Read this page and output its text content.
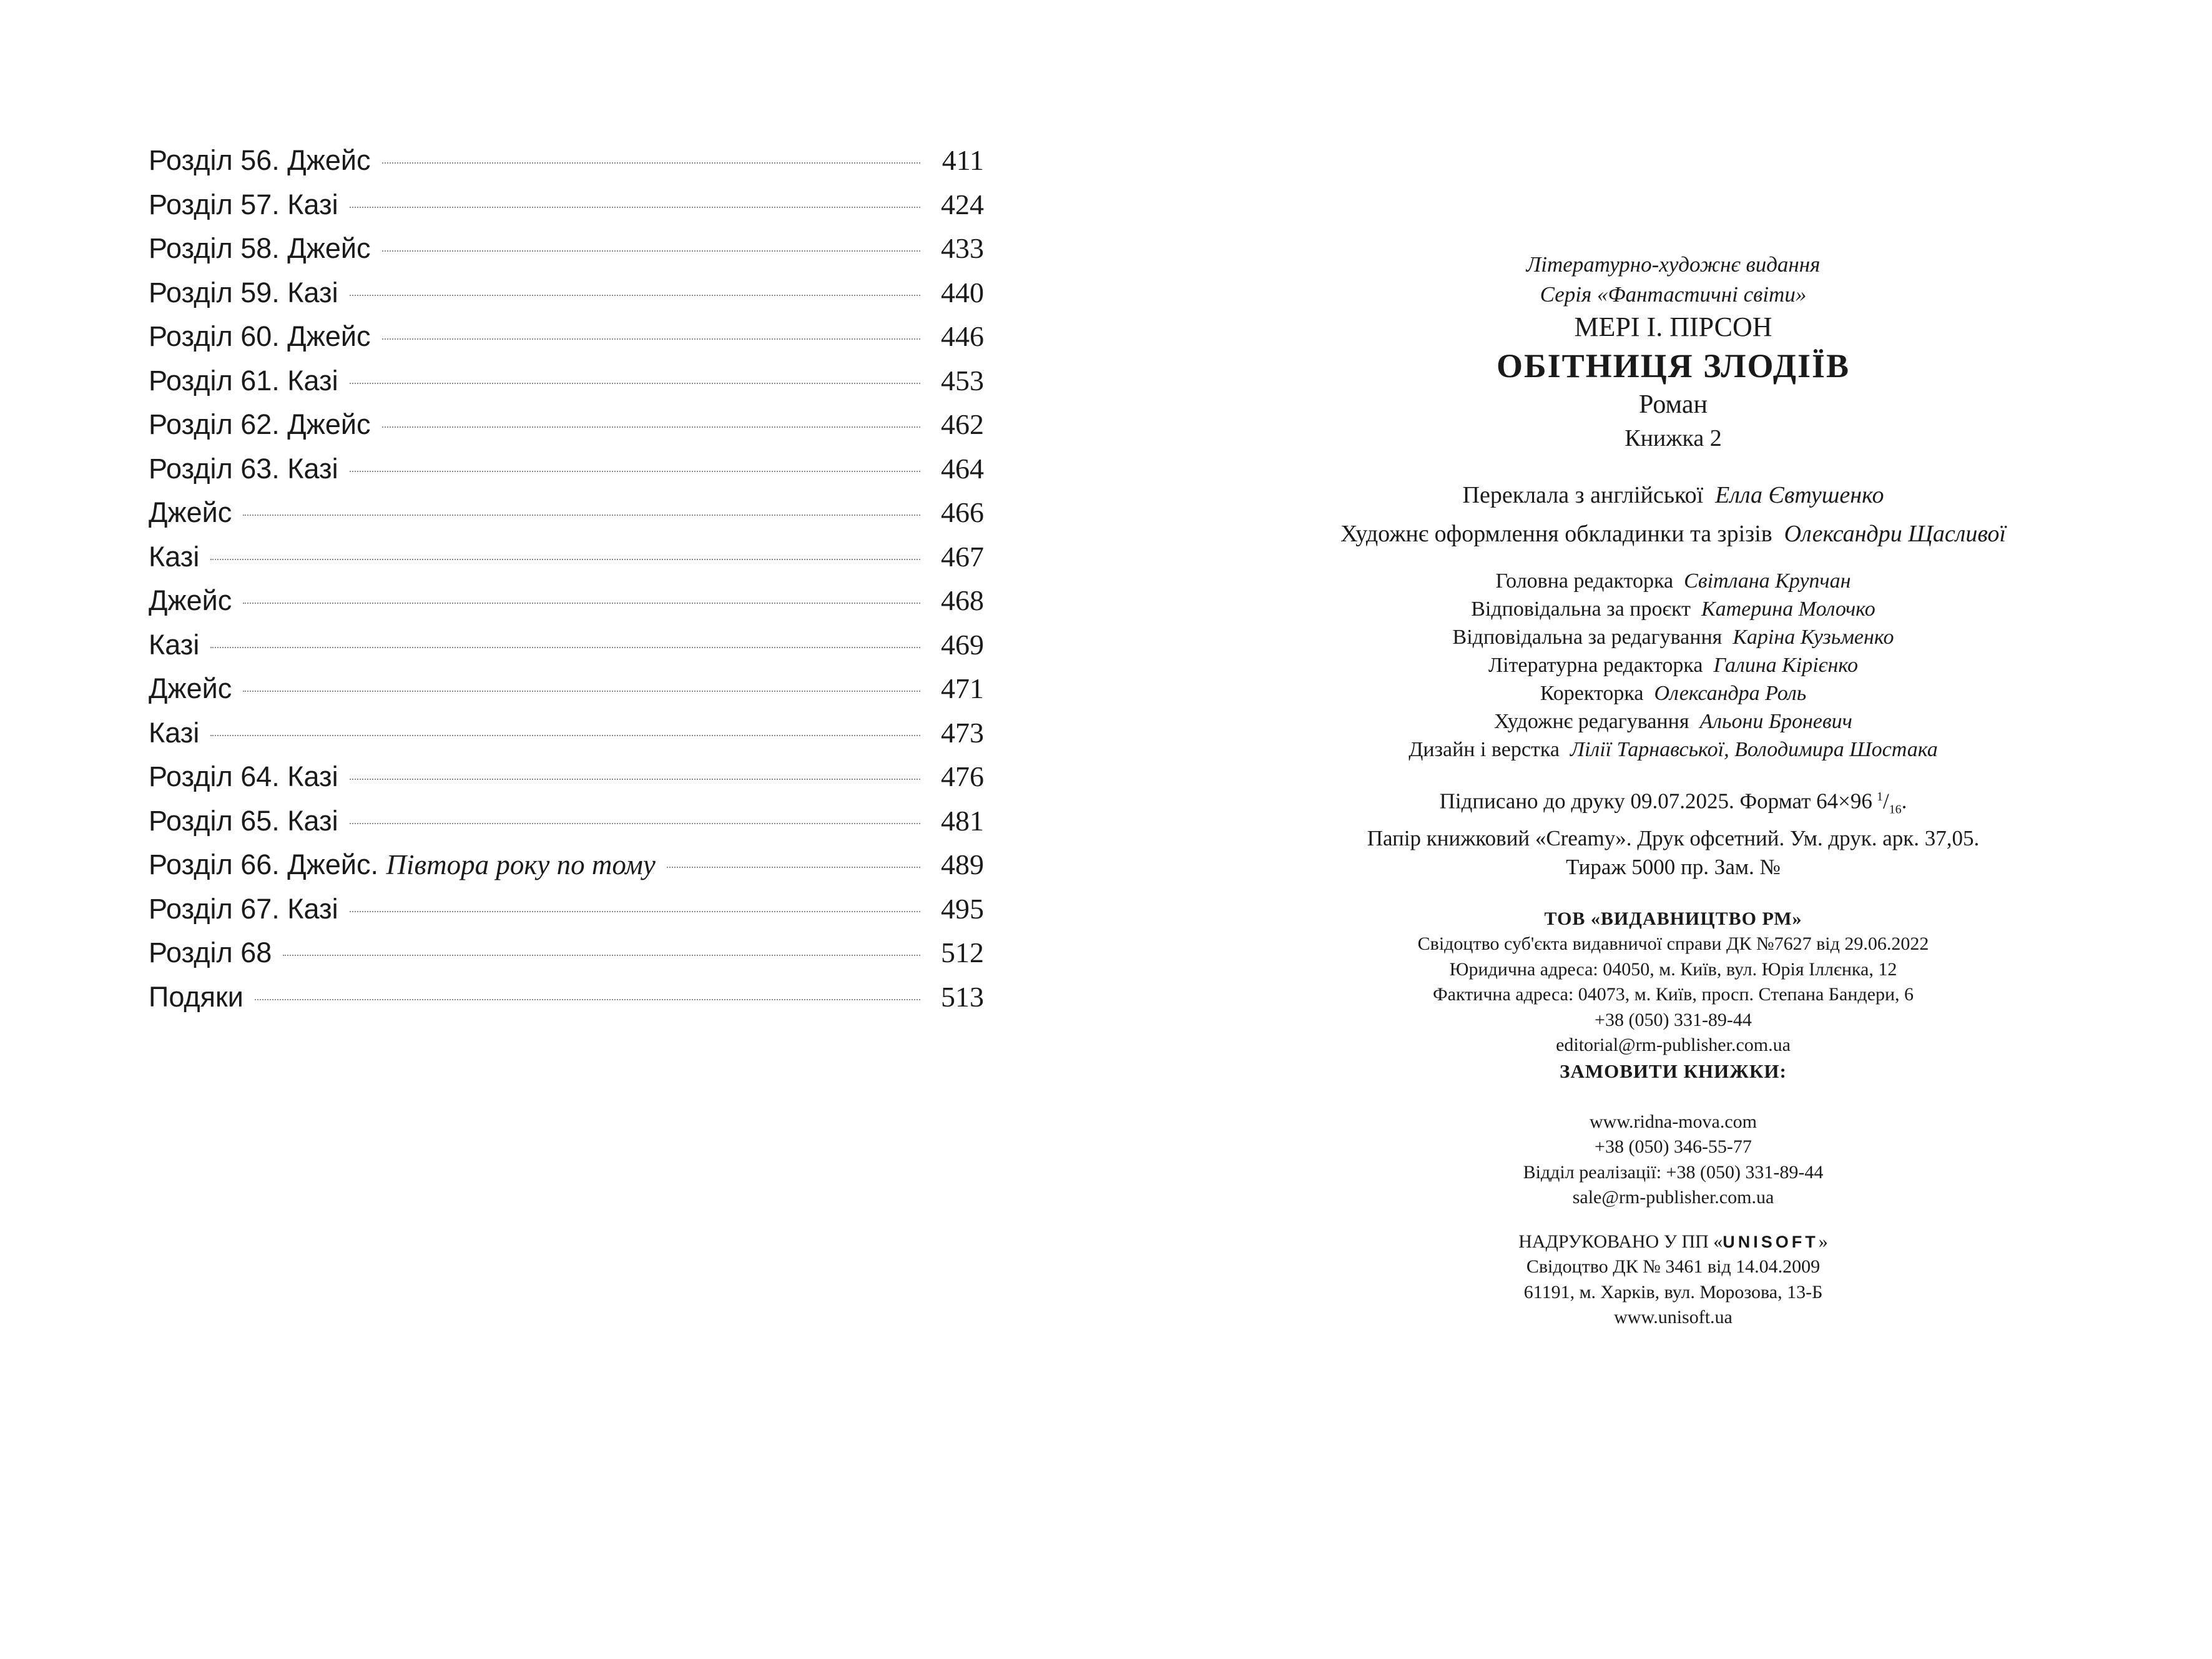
Розділ 56. Джейс	411
Розділ 57. Казі	424
Розділ 58. Джейс	433
Розділ 59. Казі	440
Розділ 60. Джейс	446
Розділ 61. Казі	453
Розділ 62. Джейс	462
Розділ 63. Казі	464
Джейс	466
Казі	467
Джейс	468
Казі	469
Джейс	471
Казі	473
Розділ 64. Казі	476
Розділ 65. Казі	481
Розділ 66. Джейс. Півтора року по тому	489
Розділ 67. Казі	495
Розділ 68	512
Подяки	513

Літературно-художнє видання

Серія «Фантастичні світи»

МЕРІ І. ПІРСОН

ОБІТНИЦЯ ЗЛОДІЇВ

Роман

Книжка 2

Переклала з англійської Елла Євтушенко

Художнє оформлення обкладинки та зрізів Олександри Щасливої

Головна редакторка Світлана Крупчан

Відповідальна за проєкт Катерина Молочко

Відповідальна за редагування Каріна Кузьменко

Літературна редакторка Галина Кірієнко

Коректорка Олександра Роль

Художнє редагування Альони Броневич

Дизайн і верстка Лілії Тарнавської, Володимира Шостака

Підписано до друку 09.07.2025. Формат 64×96  $^1/_{16}$.

Папір книжковий «Creamy». Друк офсетний. Ум. друк. арк. 37,05.

Тираж 5000 пр. Зам. №

ТОВ «ВИДАВНИЦТВО РМ»

Свідоцтво суб'єкта видавничої справи ДК №7627 від 29.06.2022

Юридична адреса: 04050, м. Київ, вул. Юрія Іллєнка, 12

Фактична адреса: 04073, м. Київ, просп. Степана Бандери, 6

+38 (050) 331-89-44

editorial@rm-publisher.com.ua

ЗАМОВИТИ КНИЖКИ:

www.ridna-mova.com

+38 (050) 346-55-77

Відділ реалізації: +38 (050) 331-89-44

sale@rm-publisher.com.ua

НАДРУКОВАНО У ПП «UNISOFT»

Свідоцтво ДК № 3461 від 14.04.2009

61191, м. Харків, вул. Морозова, 13-Б

www.unisoft.ua
